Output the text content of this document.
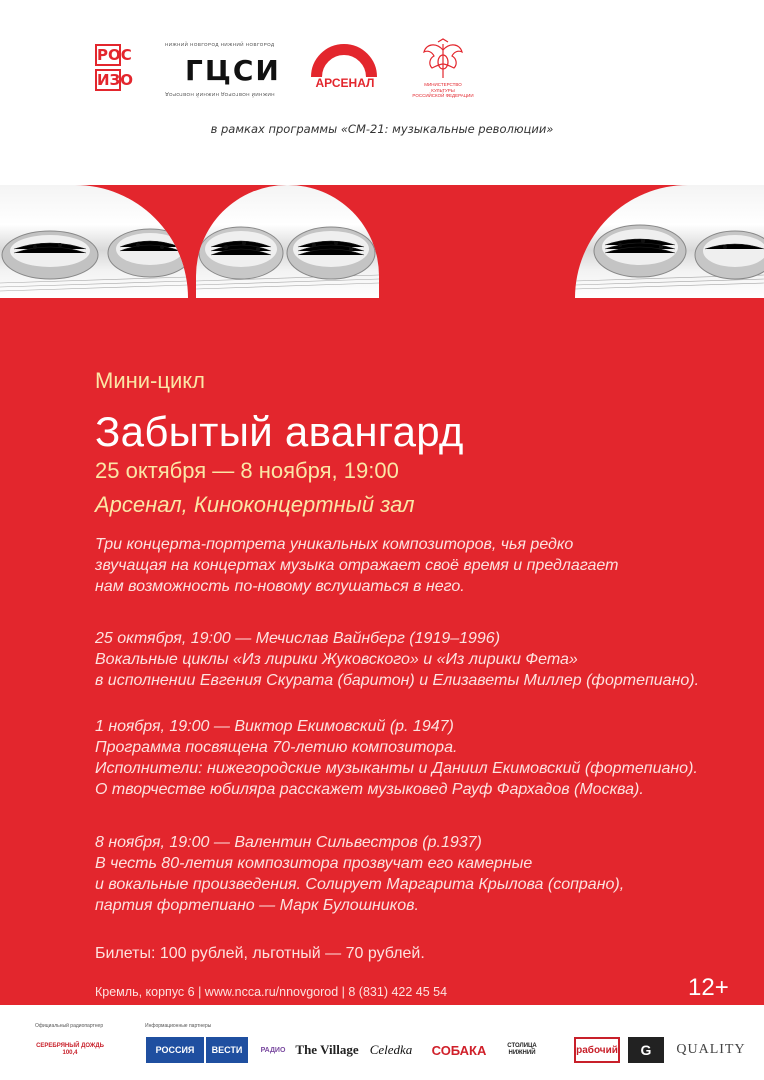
РОС
ИЗО
НИЖНИЙ НОВГОРОД НИЖНИЙ НОВГОРОД
ГЦСИ
НИЖНИЙ НОВГОРОД НИЖНИЙ НОВГОРОД
АРСЕНАЛ	МИНИСТЕРСТВО КУЛЬТУРЫ
РОССИЙСКОЙ ФЕДЕРАЦИИ
в рамках программы «СМ-21: музыкальные революции»
Мини-цикл
Забытый авангард
25 октября — 8 ноября, 19:00
Арсенал, Киноконцертный зал
Три концерта-портрета уникальных композиторов, чья редко
звучащая на концертах музыка отражает своё время и предлагает
нам возможность по-новому вслушаться в него.
25 октября, 19:00 — Мечислав Вайнберг (1919–1996)
Вокальные циклы «Из лирики Жуковского» и «Из лирики Фета»
в исполнении Евгения Скурата (баритон) и Елизаветы Миллер (фортепиано).
1 ноября, 19:00 — Виктор Екимовский (р. 1947)
Программа посвящена 70-летию композитора.
Исполнители: нижегородские музыканты и Даниил Екимовский (фортепиано).
О творчестве юбиляра расскажет музыковед Рауф Фархадов (Москва).
8 ноября, 19:00 — Валентин Сильвестров (р.1937)
В честь 80-летия композитора прозвучат его камерные
и вокальные произведения. Солирует Маргарита Крылова (сопрано),
партия фортепиано — Марк Булошников.
Билеты: 100 рублей, льготный — 70 рублей.
Кремль, корпус 6 | www.ncca.ru/nnovgorod | 8 (831) 422 45 54	12+
Официальный радиопартнер	Информационные партнеры
СЕРЕБРЯНЫЙ ДОЖДЬ 100,4	РОССИЯ ВЕСТИ	РАДИО The Village Celedka СОБАКА	СТОЛИЦА НИЖНИЙ	рабочий G QUALITY
